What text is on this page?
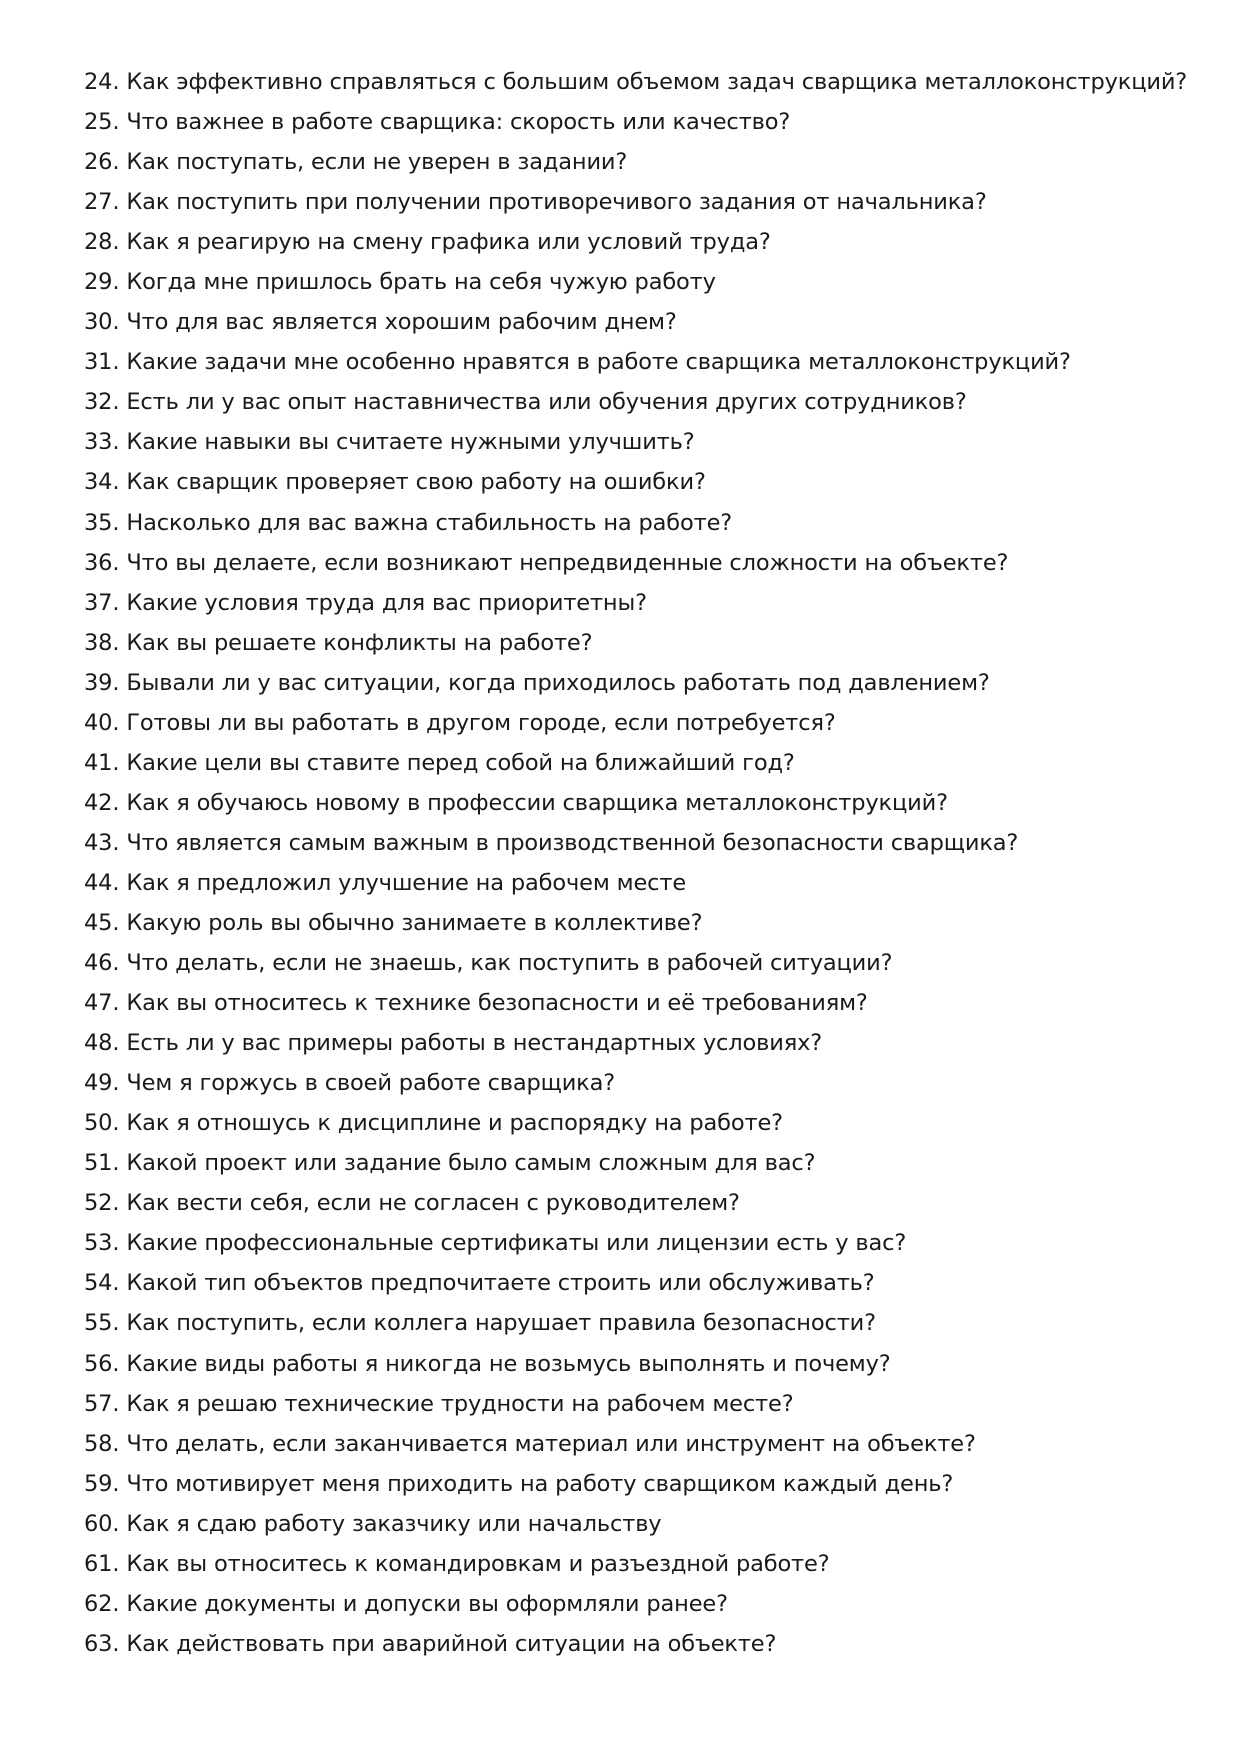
24. Как эффективно справляться с большим объемом задач сварщика металлоконструкций?
25. Что важнее в работе сварщика: скорость или качество?
26. Как поступать, если не уверен в задании?
27. Как поступить при получении противоречивого задания от начальника?
28. Как я реагирую на смену графика или условий труда?
29. Когда мне пришлось брать на себя чужую работу
30. Что для вас является хорошим рабочим днем?
31. Какие задачи мне особенно нравятся в работе сварщика металлоконструкций?
32. Есть ли у вас опыт наставничества или обучения других сотрудников?
33. Какие навыки вы считаете нужными улучшить?
34. Как сварщик проверяет свою работу на ошибки?
35. Насколько для вас важна стабильность на работе?
36. Что вы делаете, если возникают непредвиденные сложности на объекте?
37. Какие условия труда для вас приоритетны?
38. Как вы решаете конфликты на работе?
39. Бывали ли у вас ситуации, когда приходилось работать под давлением?
40. Готовы ли вы работать в другом городе, если потребуется?
41. Какие цели вы ставите перед собой на ближайший год?
42. Как я обучаюсь новому в профессии сварщика металлоконструкций?
43. Что является самым важным в производственной безопасности сварщика?
44. Как я предложил улучшение на рабочем месте
45. Какую роль вы обычно занимаете в коллективе?
46. Что делать, если не знаешь, как поступить в рабочей ситуации?
47. Как вы относитесь к технике безопасности и её требованиям?
48. Есть ли у вас примеры работы в нестандартных условиях?
49. Чем я горжусь в своей работе сварщика?
50. Как я отношусь к дисциплине и распорядку на работе?
51. Какой проект или задание было самым сложным для вас?
52. Как вести себя, если не согласен с руководителем?
53. Какие профессиональные сертификаты или лицензии есть у вас?
54. Какой тип объектов предпочитаете строить или обслуживать?
55. Как поступить, если коллега нарушает правила безопасности?
56. Какие виды работы я никогда не возьмусь выполнять и почему?
57. Как я решаю технические трудности на рабочем месте?
58. Что делать, если заканчивается материал или инструмент на объекте?
59. Что мотивирует меня приходить на работу сварщиком каждый день?
60. Как я сдаю работу заказчику или начальству
61. Как вы относитесь к командировкам и разъездной работе?
62. Какие документы и допуски вы оформляли ранее?
63. Как действовать при аварийной ситуации на объекте?
